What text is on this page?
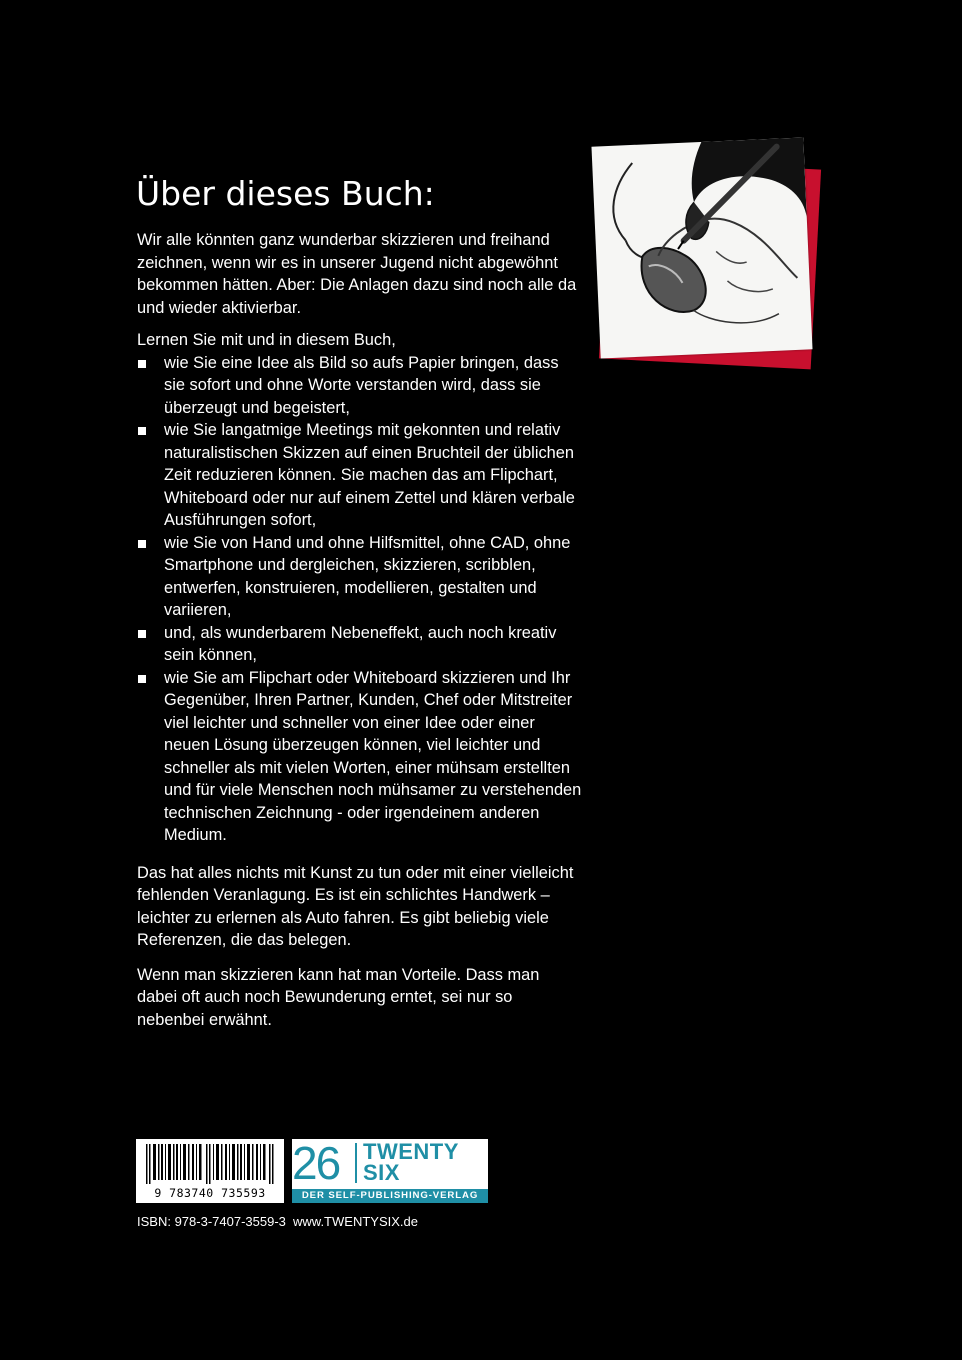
Über dieses Buch:

Wir alle könnten ganz wunderbar skizzieren und freihand zeichnen, wenn wir es in unserer Jugend nicht abgewöhnt bekommen hätten. Aber: Die Anlagen dazu sind noch alle da und wieder aktivierbar.

Lernen Sie mit und in diesem Buch,

wie Sie eine Idee als Bild so aufs Papier bringen, dass sie sofort und ohne Worte verstanden wird, dass sie überzeugt und begeistert,
wie Sie langatmige Meetings mit gekonnten und relativ naturalistischen Skizzen auf einen Bruchteil der üblichen Zeit reduzieren können. Sie machen das am Flipchart, Whiteboard oder nur auf einem Zettel und klären verbale Ausführungen sofort,
wie Sie von Hand und ohne Hilfsmittel, ohne CAD, ohne Smartphone und dergleichen, skizzieren, scribblen, entwerfen, konstruieren, modellieren, gestalten und variieren,
und, als wunderbarem Nebeneffekt, auch noch kreativ sein können,
wie Sie am Flipchart oder Whiteboard skizzieren und Ihr Gegenüber, Ihren Partner, Kunden, Chef oder Mitstreiter viel leichter und schneller von einer Idee oder einer neuen Lösung überzeugen können, viel leichter und schneller als mit vielen Worten, einer mühsam erstellten und für viele Menschen noch mühsamer zu verstehenden technischen Zeichnung - oder irgendeinem anderen Medium.

Das hat alles nichts mit Kunst zu tun oder mit einer vielleicht fehlenden Veranlagung. Es ist ein schlichtes Handwerk – leichter zu erlernen als Auto fahren. Es gibt beliebig viele Referenzen, die das belegen.

Wenn man skizzieren kann hat man Vorteile. Dass man dabei oft auch noch Bewunderung erntet, sei nur so nebenbei erwähnt.

9 783740 735593
26 TWENTY
SIX
DER SELF-PUBLISHING-VERLAG
ISBN: 978-3-7407-3559-3 www.TWENTYSIX.de
